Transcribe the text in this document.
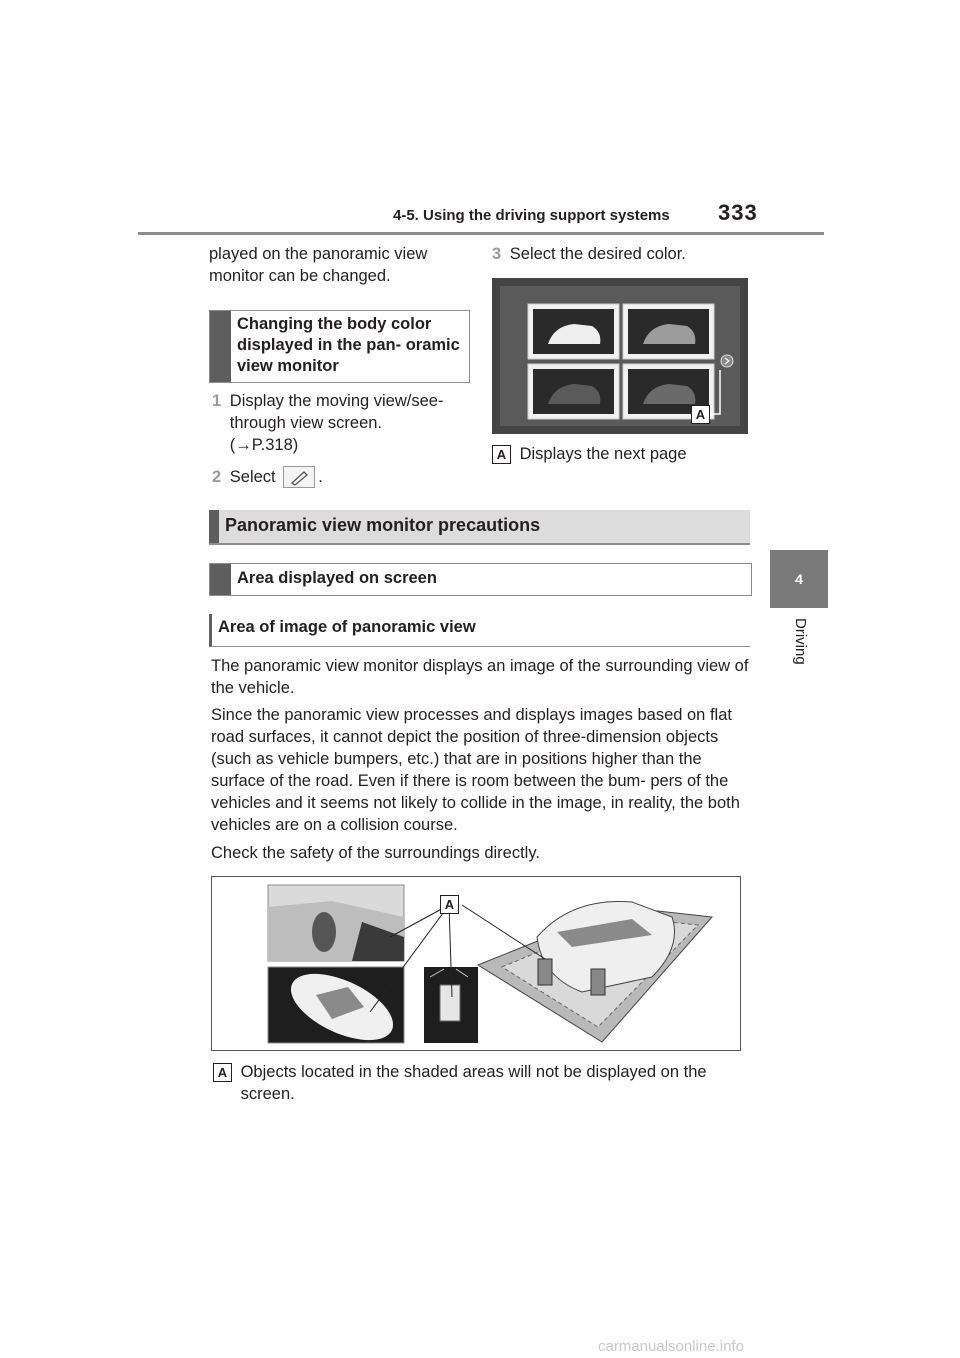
4-5. Using the driving support systems 333
4
Driving
played on the panoramic view monitor can be changed.
Changing the body color displayed in the pan- oramic view monitor
1 Display the moving view/see- through view screen.
(→P.318)
2 Select	.
3 Select the desired color.
A
A Displays the next page
Panoramic view monitor precautions
Area displayed on screen
Area of image of panoramic view
The panoramic view monitor displays an image of the surrounding view of the vehicle.
Since the panoramic view processes and displays images based on flat road surfaces, it cannot depict the position of three-dimension objects (such as vehicle bumpers, etc.) that are in positions higher than the surface of the road. Even if there is room between the bum- pers of the vehicles and it seems not likely to collide in the image, in reality, the both vehicles are on a collision course.
Check the safety of the surroundings directly.
A
A Objects located in the shaded areas will not be displayed on the screen.
carmanualsonline.info
